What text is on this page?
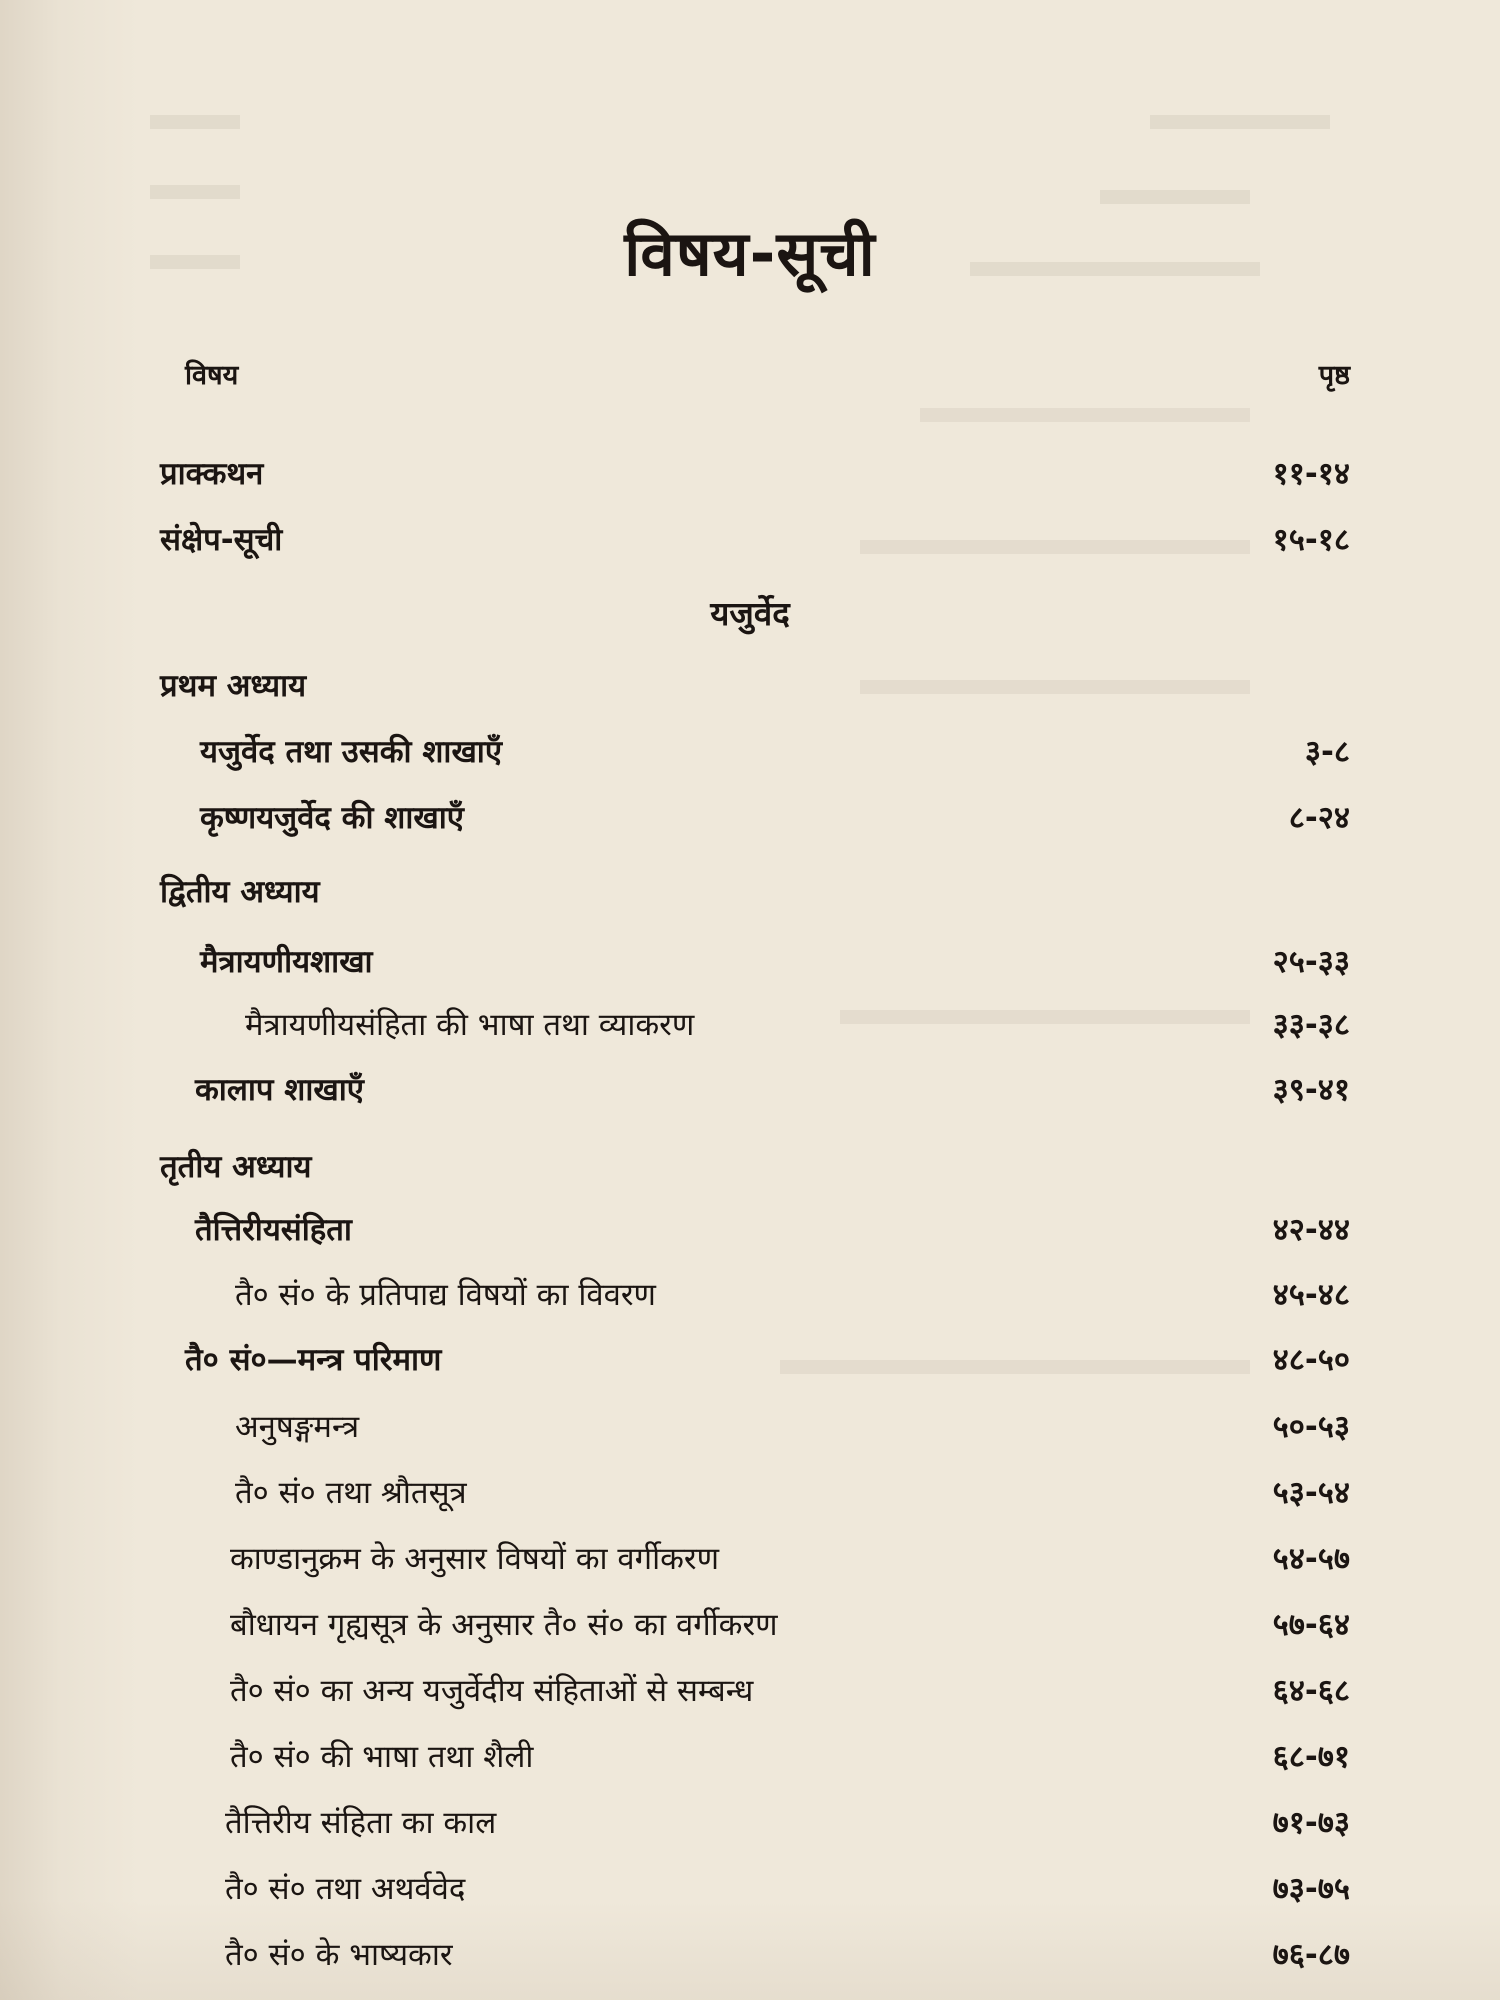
विषय-सूची
विषय	पृष्ठ
प्राक्कथन	११-१४
संक्षेप-सूची	१५-१८
यजुर्वेद
प्रथम अध्याय
यजुर्वेद तथा उसकी शाखाएँ	३-८
कृष्णयजुर्वेद की शाखाएँ	८-२४
द्वितीय अध्याय
मैत्रायणीयशाखा	२५-३३
मैत्रायणीयसंहिता की भाषा तथा व्याकरण	३३-३८
कालाप शाखाएँ	३९-४१
तृतीय अध्याय
तैत्तिरीयसंहिता	४२-४४
तै० सं० के प्रतिपाद्य विषयों का विवरण	४५-४८
तै० सं०—मन्त्र परिमाण	४८-५०
अनुषङ्गमन्त्र	५०-५३
तै० सं० तथा श्रौतसूत्र	५३-५४
काण्डानुक्रम के अनुसार विषयों का वर्गीकरण	५४-५७
बौधायन गृह्यसूत्र के अनुसार तै० सं० का वर्गीकरण	५७-६४
तै० सं० का अन्य यजुर्वेदीय संहिताओं से सम्बन्ध	६४-६८
तै० सं० की भाषा तथा शैली	६८-७१
तैत्तिरीय संहिता का काल	७१-७३
तै० सं० तथा अथर्ववेद	७३-७५
तै० सं० के भाष्यकार	७६-८७
